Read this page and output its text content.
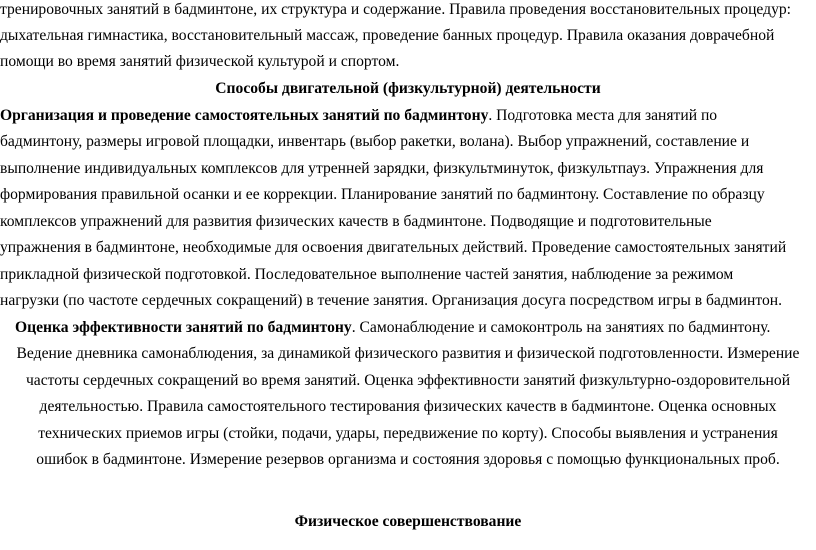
тренировочных занятий в бадминтоне, их структура и содержание. Правила проведения восстановительных процедур:
дыхательная гимнастика, восстановительный массаж, проведение банных процедур. Правила оказания доврачебной
помощи во время занятий физической культурой и спортом.
Способы двигательной (физкультурной) деятельности
Организация и проведение самостоятельных занятий по бадминтону. Подготовка места для занятий по
бадминтону, размеры игровой площадки, инвентарь (выбор ракетки, волана). Выбор упражнений, составление и
выполнение индивидуальных комплексов для утренней зарядки, физкультминуток, физкультпауз. Упражнения для
формирования правильной осанки и ее коррекции. Планирование занятий по бадминтону. Составление по образцу
комплексов упражнений для развития физических качеств в бадминтоне. Подводящие и подготовительные
упражнения в бадминтоне, необходимые для освоения двигательных действий. Проведение самостоятельных занятий
прикладной физической подготовкой. Последовательное выполнение частей занятия, наблюдение за режимом
нагрузки (по частоте сердечных сокращений) в течение занятия. Организация досуга посредством игры в бадминтон.
Оценка эффективности занятий по бадминтону. Самонаблюдение и самоконтроль на занятиях по бадминтону.
Ведение дневника самонаблюдения, за динамикой физического развития и физической подготовленности. Измерение
частоты сердечных сокращений во время занятий. Оценка эффективности занятий физкультурно-оздоровительной
деятельностью. Правила самостоятельного тестирования физических качеств в бадминтоне. Оценка основных
технических приемов игры (стойки, подачи, удары, передвижение по корту). Способы выявления и устранения
ошибок в бадминтоне. Измерение резервов организма и состояния здоровья с помощью функциональных проб.
Физическое совершенствование
